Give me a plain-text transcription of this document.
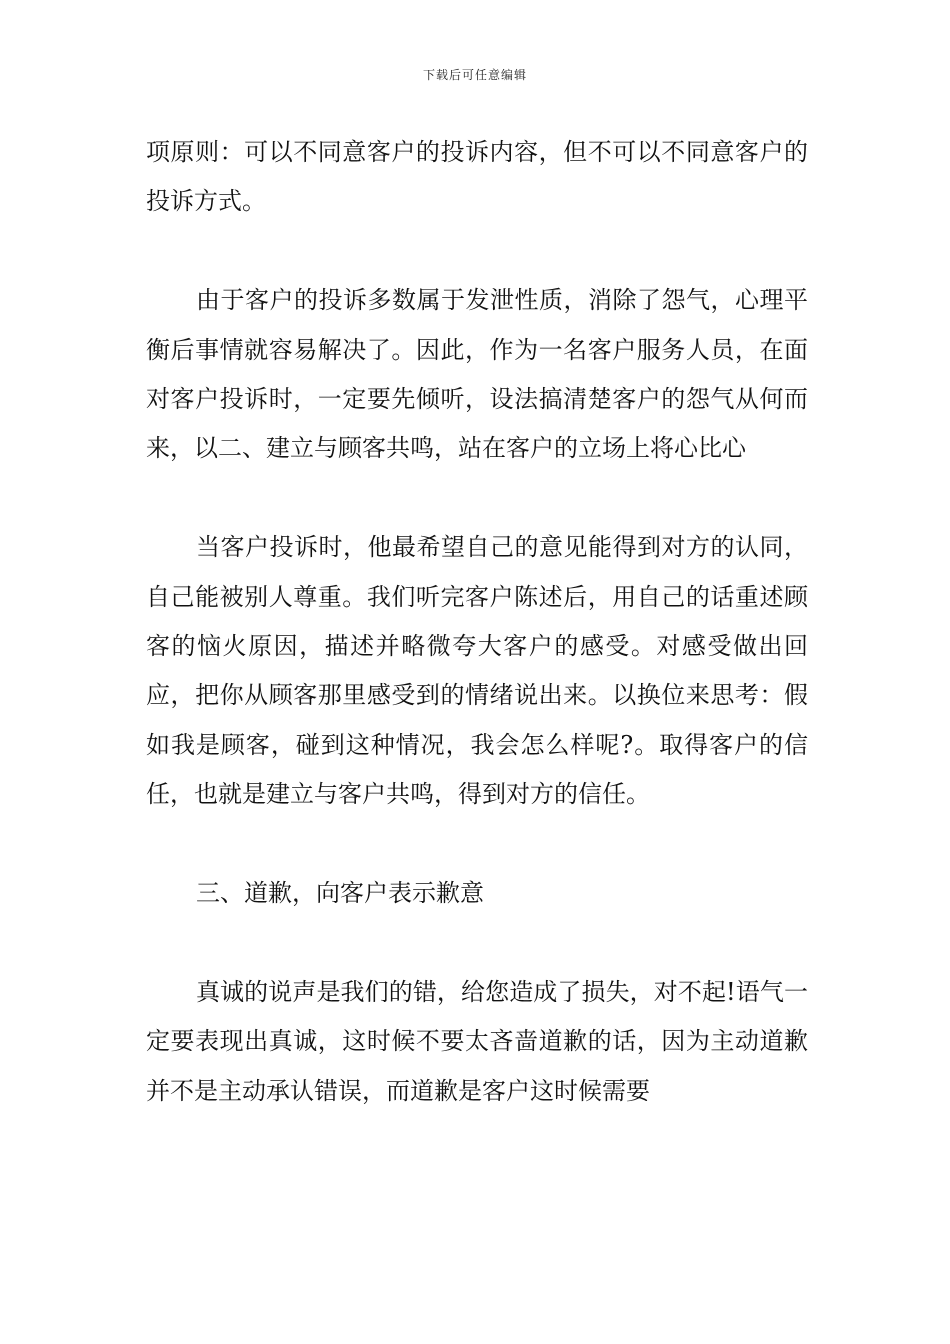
下载后可任意编辑

项原则：可以不同意客户的投诉内容，但不可以不同意客户的投诉方式。

由于客户的投诉多数属于发泄性质，消除了怨气，心理平衡后事情就容易解决了。因此，作为一名客户服务人员，在面对客户投诉时，一定要先倾听，设法搞清楚客户的怨气从何而来，以二、建立与顾客共鸣，站在客户的立场上将心比心

当客户投诉时，他最希望自己的意见能得到对方的认同，自己能被别人尊重。我们听完客户陈述后，用自己的话重述顾客的恼火原因，描述并略微夸大客户的感受。对感受做出回应，把你从顾客那里感受到的情绪说出来。以换位来思考：假如我是顾客，碰到这种情况，我会怎么样呢?。取得客户的信任，也就是建立与客户共鸣，得到对方的信任。

三、道歉，向客户表示歉意

真诚的说声是我们的错，给您造成了损失，对不起!语气一定要表现出真诚，这时候不要太吝啬道歉的话，因为主动道歉并不是主动承认错误，而道歉是客户这时候需要
